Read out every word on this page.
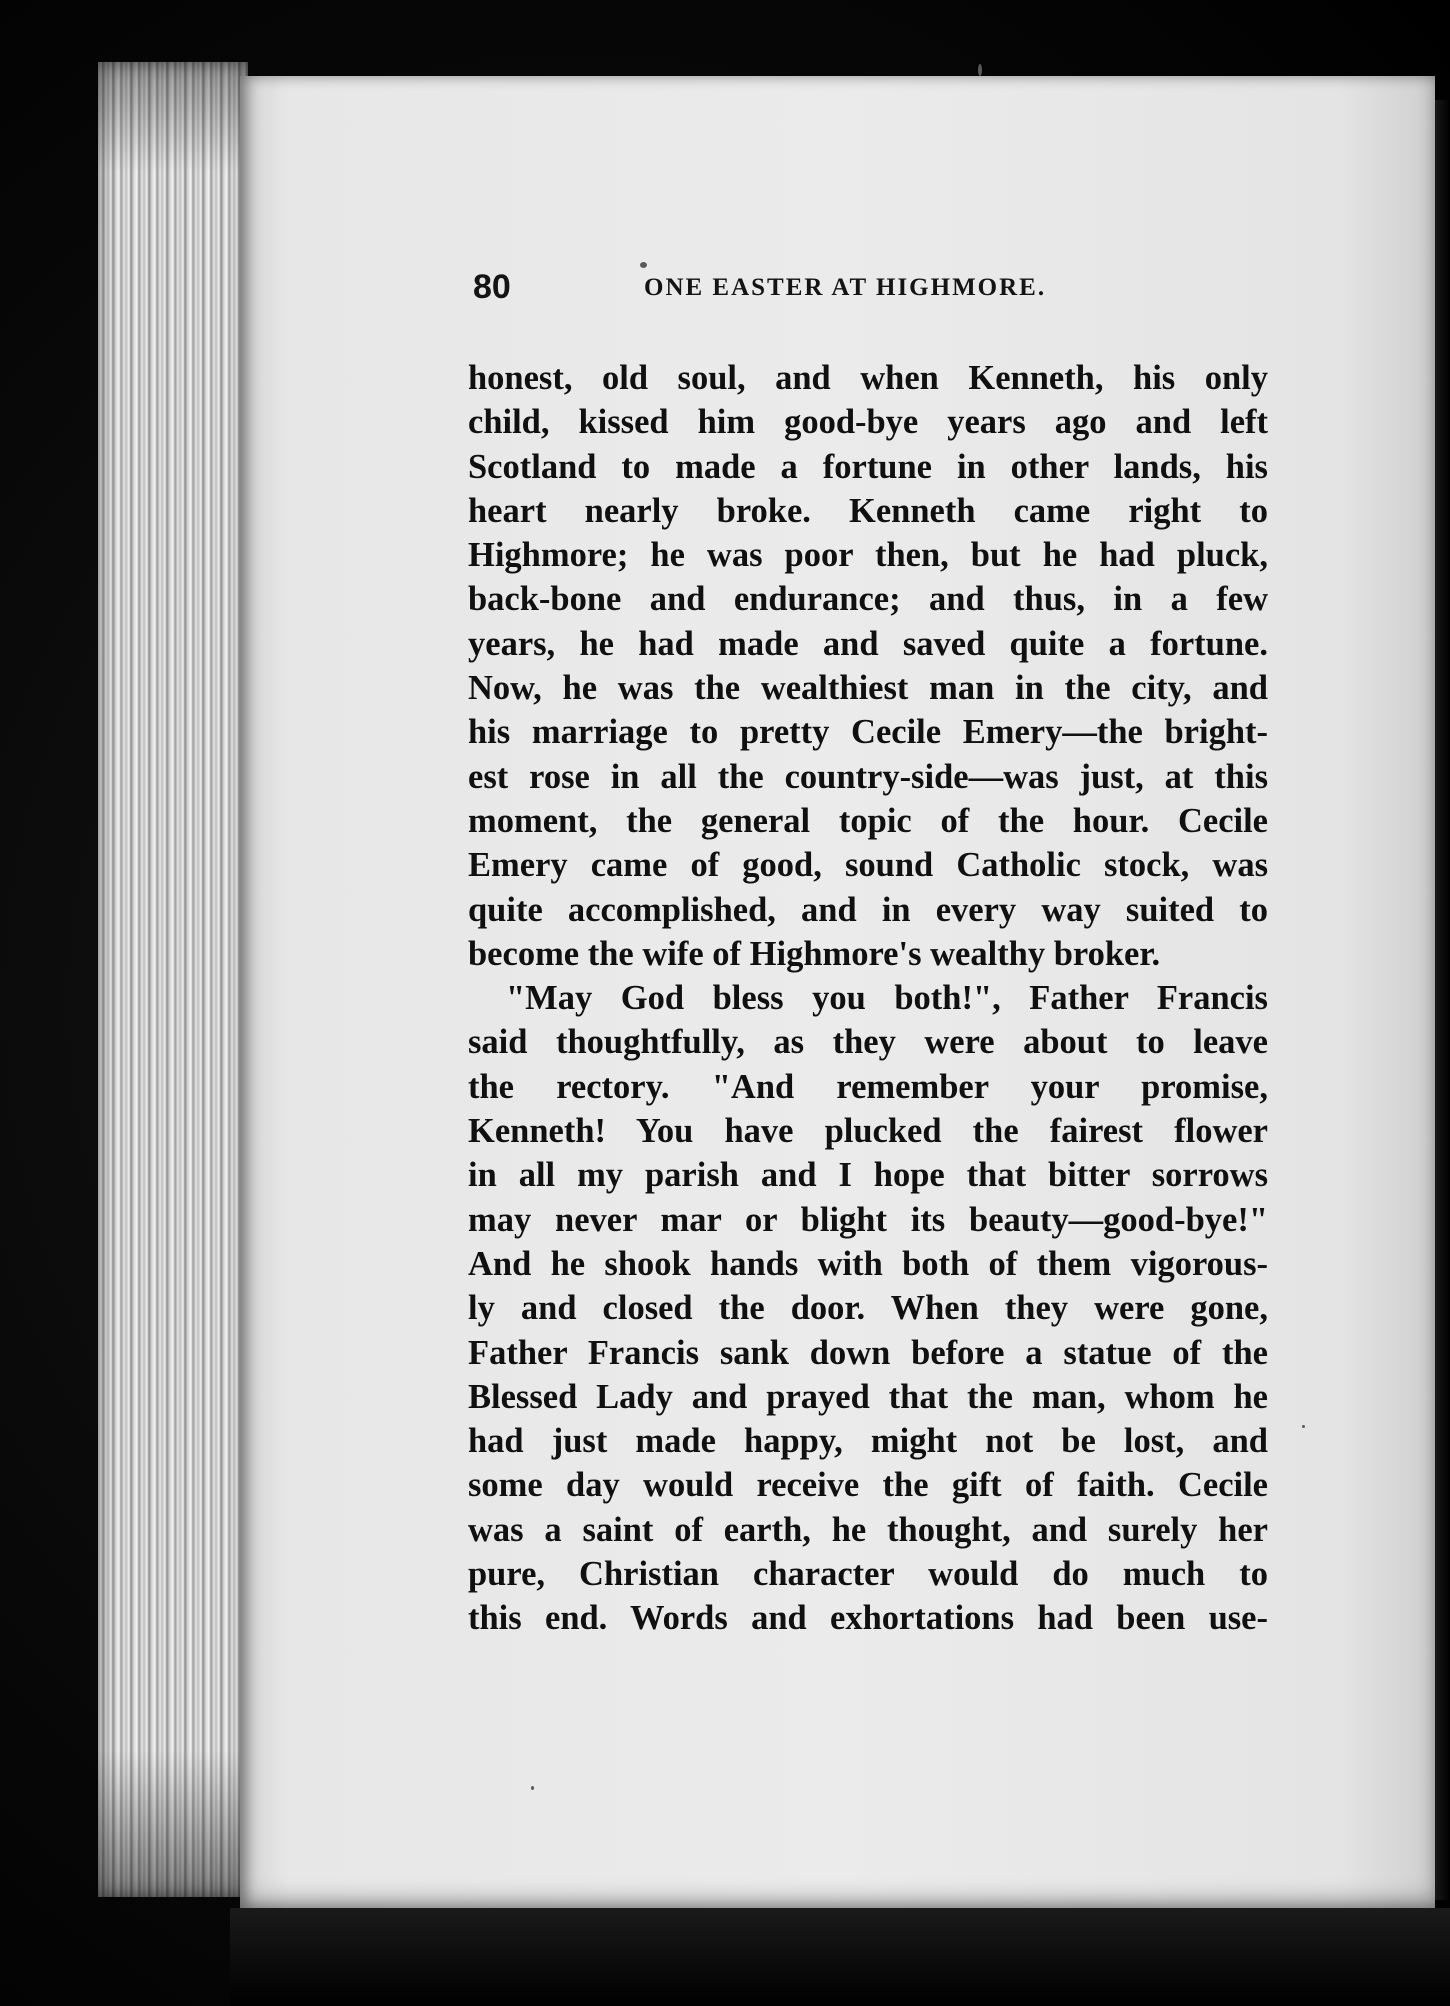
80	ONE EASTER AT HIGHMORE.
honest, old soul, and when Kenneth, his only
child, kissed him good-bye years ago and left
Scotland to made a fortune in other lands, his
heart nearly broke. Kenneth came right to
Highmore; he was poor then, but he had pluck,
back-bone and endurance; and thus, in a few
years, he had made and saved quite a fortune.
Now, he was the wealthiest man in the city, and
his marriage to pretty Cecile Emery—the bright-
est rose in all the country-side—was just, at this
moment, the general topic of the hour. Cecile
Emery came of good, sound Catholic stock, was
quite accomplished, and in every way suited to
become the wife of Highmore's wealthy broker.
"May God bless you both!", Father Francis
said thoughtfully, as they were about to leave
the rectory. "And remember your promise,
Kenneth! You have plucked the fairest flower
in all my parish and I hope that bitter sorrows
may never mar or blight its beauty—good-bye!"
And he shook hands with both of them vigorous-
ly and closed the door. When they were gone,
Father Francis sank down before a statue of the
Blessed Lady and prayed that the man, whom he
had just made happy, might not be lost, and
some day would receive the gift of faith. Cecile
was a saint of earth, he thought, and surely her
pure, Christian character would do much to
this end. Words and exhortations had been use-
